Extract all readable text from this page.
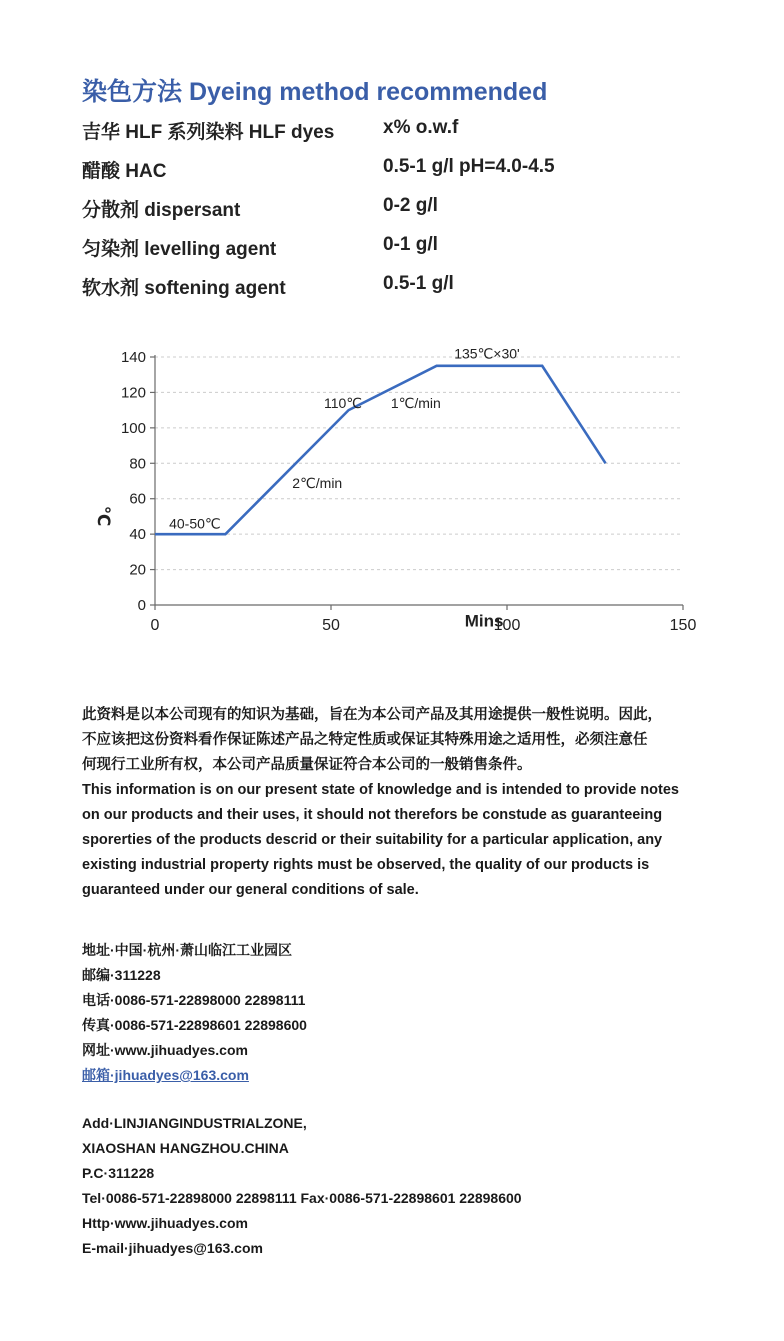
染色方法 Dyeing method recommended
吉华 HLF 系列染料 HLF dyes	x% o.w.f
醋酸 HAC	0.5-1 g/l pH=4.0-4.5
分散剂 dispersant	0-2 g/l
匀染剂 levelling agent	0-1 g/l
软水剂 softening agent	0.5-1 g/l
0
20
40
60
80
100
120
140
0	50	100	150
℃	40-50℃
2℃/min
110℃ 1℃/min
135℃×30'
Mins

此资料是以本公司现有的知识为基础，旨在为本公司产品及其用途提供一般性说明。因此，

不应该把这份资料看作保证陈述产品之特定性质或保证其特殊用途之适用性，必须注意任

何现行工业所有权，本公司产品质量保证符合本公司的一般销售条件。

This information is on our present state of knowledge and is intended to provide notes

on our products and their uses, it should not therefors be constude as guaranteeing

sporerties of the products descrid or their suitability for a particular application, any

existing industrial property rights must be observed, the quality of our products is

guaranteed under our general conditions of sale.

地址·中国·杭州·萧山临江工业园区

邮编·311228

电话·0086-571-22898000 22898111

传真·0086-571-22898601 22898600

网址·www.jihuadyes.com

邮箱·jihuadyes@163.com

Add·LINJIANGINDUSTRIALZONE,

XIAOSHAN HANGZHOU.CHINA

P.C·311228

Tel·0086-571-22898000 22898111 Fax·0086-571-22898601 22898600

Http·www.jihuadyes.com

E-mail·jihuadyes@163.com
